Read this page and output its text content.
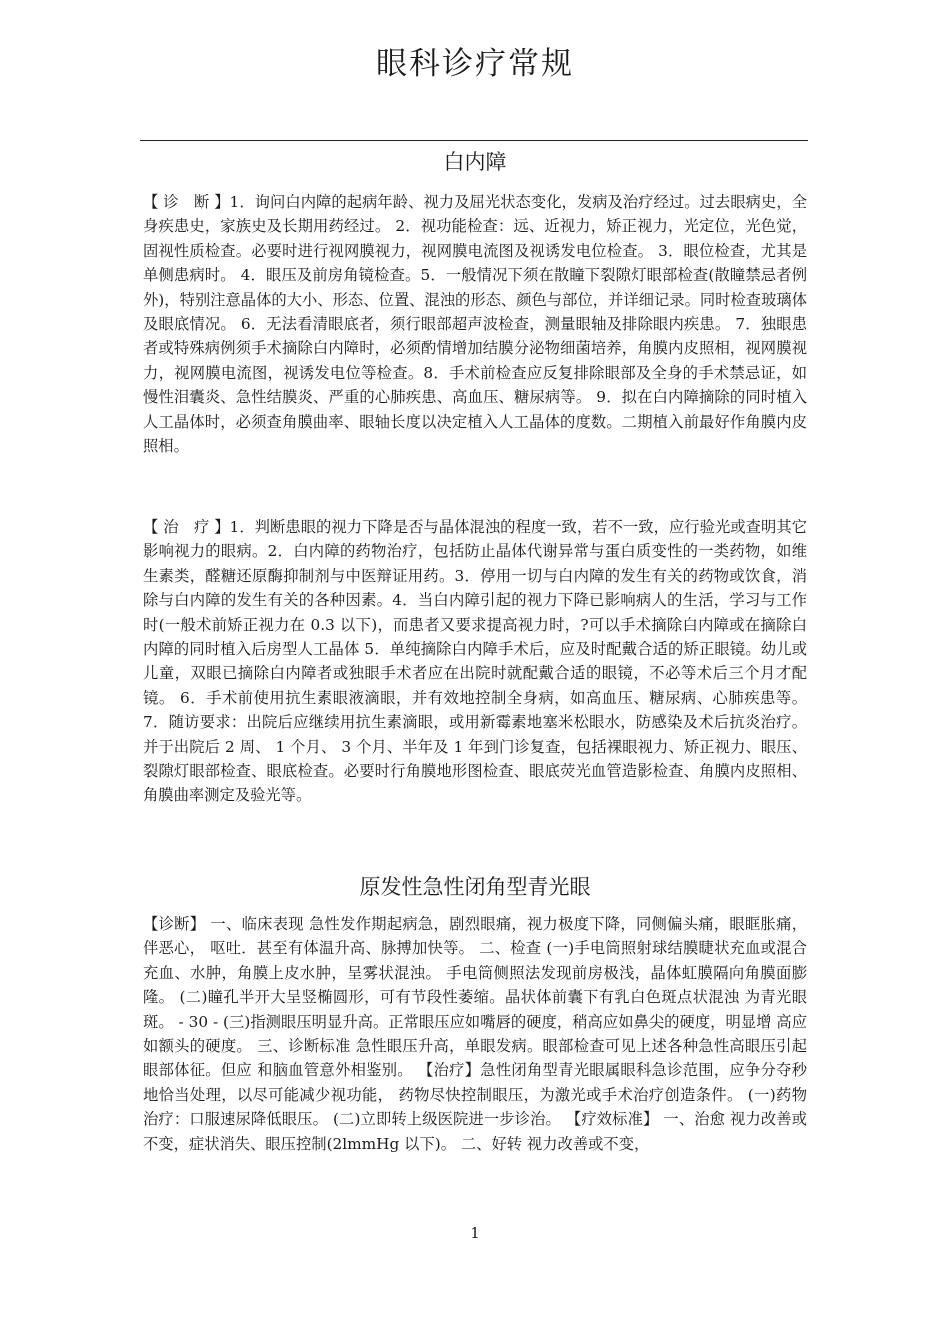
眼科诊疗常规
白内障

【 诊　断 】1．询问白内障的起病年龄、视力及屈光状态变化，发病及治疗经过。过去眼病史，全身疾患史，家族史及长期用药经过。 2．视功能检查：远、近视力，矫正视力，光定位，光色觉，固视性质检查。必要时进行视网膜视力，视网膜电流图及视诱发电位检查。 3．眼位检查，尤其是单侧患病时。 4．眼压及前房角镜检查。5．一般情况下须在散瞳下裂隙灯眼部检查(散瞳禁忌者例外)，特别注意晶体的大小、形态、位置、混浊的形态、颜色与部位，并详细记录。同时检查玻璃体及眼底情况。 6．无法看清眼底者，须行眼部超声波检查，测量眼轴及排除眼内疾患。 7．独眼患者或特殊病例须手术摘除白内障时，必须酌情增加结膜分泌物细菌培养，角膜内皮照相，视网膜视力，视网膜电流图，视诱发电位等检查。8．手术前检查应反复排除眼部及全身的手术禁忌证，如慢性泪囊炎、急性结膜炎、严重的心肺疾患、高血压、糖尿病等。 9．拟在白内障摘除的同时植入人工晶体时，必须查角膜曲率、眼轴长度以决定植入人工晶体的度数。二期植入前最好作角膜内皮照相。

【 治　疗 】1．判断患眼的视力下降是否与晶体混浊的程度一致，若不一致，应行验光或查明其它影响视力的眼病。2．白内障的药物治疗，包括防止晶体代谢异常与蛋白质变性的一类药物，如维生素类，醛糖还原酶抑制剂与中医辩证用药。3．停用一切与白内障的发生有关的药物或饮食，消除与白内障的发生有关的各种因素。4．当白内障引起的视力下降已影响病人的生活，学习与工作时(一般术前矫正视力在 0.3 以下)，而患者又要求提高视力时，?可以手术摘除白内障或在摘除白内障的同时植入后房型人工晶体 5．单纯摘除白内障手术后，应及时配戴合适的矫正眼镜。幼儿或儿童，双眼已摘除白内障者或独眼手术者应在出院时就配戴合适的眼镜，不必等术后三个月才配镜。 6．手术前使用抗生素眼液滴眼，并有效地控制全身病，如高血压、糖尿病、心肺疾患等。 7．随访要求：出院后应继续用抗生素滴眼，或用新霉素地塞米松眼水，防感染及术后抗炎治疗。并于出院后 2 周、 1 个月、 3 个月、半年及 1 年到门诊复查，包括裸眼视力、矫正视力、眼压、裂隙灯眼部检查、眼底检查。必要时行角膜地形图检查、眼底荧光血管造影检查、角膜内皮照相、角膜曲率测定及验光等。

原发性急性闭角型青光眼

【诊断】 一、临床表现 急性发作期起病急，剧烈眼痛，视力极度下降，同侧偏头痛，眼眶胀痛，伴恶心， 呕吐．甚至有体温升高、脉搏加快等。 二、检查 (一)手电筒照射球结膜睫状充血或混合充血、水肿，角膜上皮水肿，呈雾状混浊。 手电筒侧照法发现前房极浅，晶体虹膜隔向角膜面膨隆。 (二)瞳孔半开大呈竖椭圆形，可有节段性萎缩。晶状体前囊下有乳白色斑点状混浊 为青光眼斑。 - 30 - (三)指测眼压明显升高。正常眼压应如嘴唇的硬度，稍高应如鼻尖的硬度，明显增 高应如额头的硬度。 三、诊断标准 急性眼压升高，单眼发病。眼部检查可见上述各种急性高眼压引起眼部体征。但应 和脑血管意外相鉴别。 【治疗】急性闭角型青光眼属眼科急诊范围，应争分夺秒地恰当处理，以尽可能减少视功能， 药物尽快控制眼压，为激光或手术治疗创造条件。 (一)药物治疗：口服速尿降低眼压。 (二)立即转上级医院进一步诊治。 【疗效标准】 一、治愈 视力改善或不变，症状消失、眼压控制(2lmmHg 以下)。 二、好转 视力改善或不变，

1
